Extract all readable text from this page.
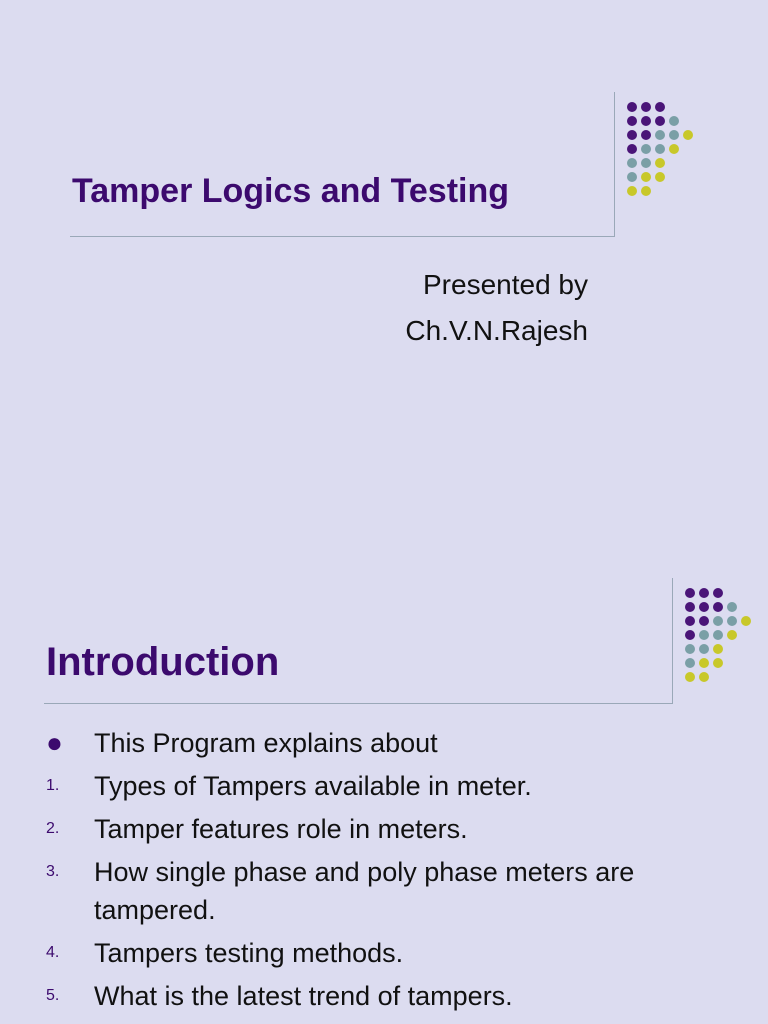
Tamper Logics and Testing
Presented by
Ch.V.N.Rajesh
Introduction
● This Program explains about
1. Types of Tampers available in meter.
2. Tamper features role in meters.
3. How single phase and poly phase meters are tampered.
4. Tampers testing methods.
5. What is the latest trend of tampers.
